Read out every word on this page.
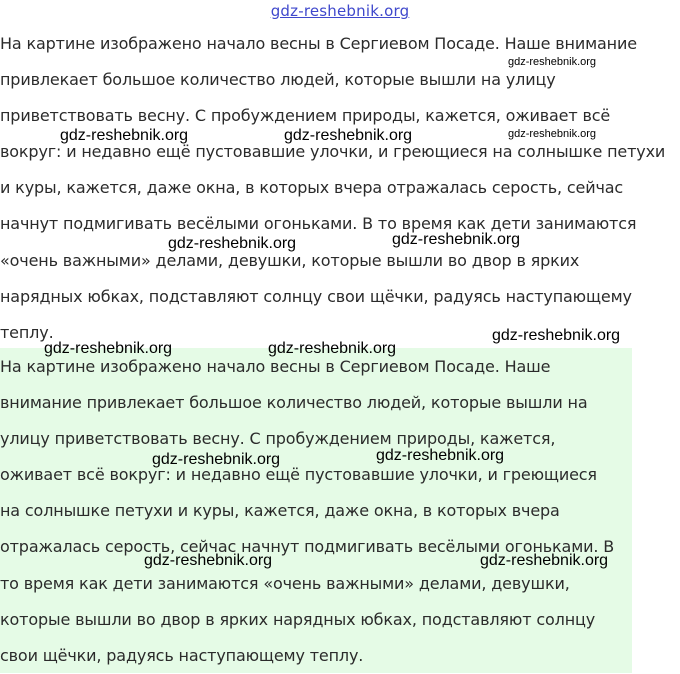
gdz-reshebnik.org

На картине изображено начало весны в Сергиевом Посаде. Наше внимание
привлекает большое количество людей, которые вышли на улицу
приветствовать весну. С пробуждением природы, кажется, оживает всё
вокруг: и недавно ещё пустовавшие улочки, и греющиеся на солнышке петухи
и куры, кажется, даже окна, в которых вчера отражалась серость, сейчас
начнут подмигивать весёлыми огоньками. В то время как дети занимаются
«очень важными» делами, девушки, которые вышли во двор в ярких
нарядных юбках, подставляют солнцу свои щёчки, радуясь наступающему
теплу.

На картине изображено начало весны в Сергиевом Посаде. Наше
внимание привлекает большое количество людей, которые вышли на
улицу приветствовать весну. С пробуждением природы, кажется,
оживает всё вокруг: и недавно ещё пустовавшие улочки, и греющиеся
на солнышке петухи и куры, кажется, даже окна, в которых вчера
отражалась серость, сейчас начнут подмигивать весёлыми огоньками. В
то время как дети занимаются «очень важными» делами, девушки,
которые вышли во двор в ярких нарядных юбках, подставляют солнцу
свои щёчки, радуясь наступающему теплу.

gdz-reshebnik.org
gdz-reshebnik.org	gdz-reshebnik.org	gdz-reshebnik.org
gdz-reshebnik.org	gdz-reshebnik.org
gdz-reshebnik.org
gdz-reshebnik.org	gdz-reshebnik.org
gdz-reshebnik.org	gdz-reshebnik.org
gdz-reshebnik.org	gdz-reshebnik.org
